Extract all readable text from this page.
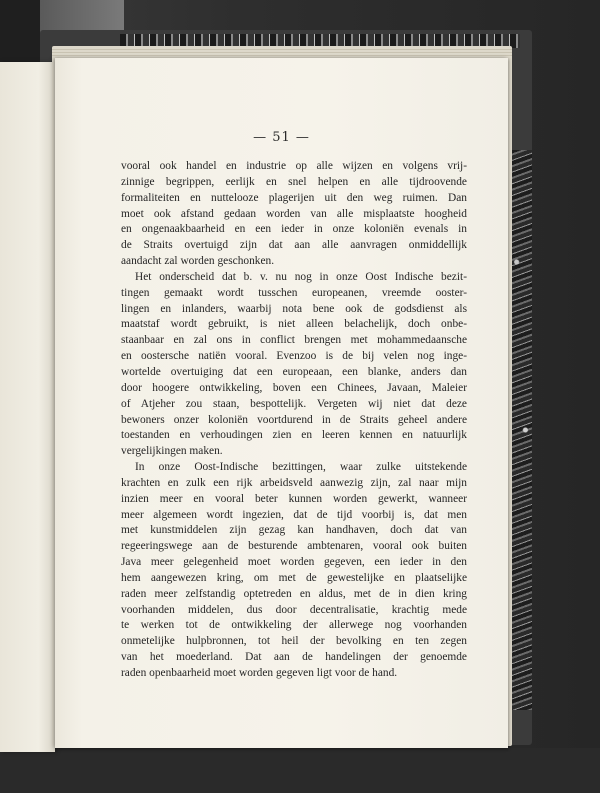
— 51 —

vooral ook handel en industrie op alle wijzen en volgens vrij-
zinnige begrippen, eerlijk en snel helpen en alle tijdroovende
formaliteiten en nuttelooze plagerijen uit den weg ruimen. Dan
moet ook afstand gedaan worden van alle misplaatste hoogheid
en ongenaakbaarheid en een ieder in onze koloniën evenals in
de Straits overtuigd zijn dat aan alle aanvragen onmiddellijk
aandacht zal worden geschonken.

Het onderscheid dat b. v. nu nog in onze Oost Indische bezit-
tingen gemaakt wordt tusschen europeanen, vreemde ooster-
lingen en inlanders, waarbij nota bene ook de godsdienst als
maatstaf wordt gebruikt, is niet alleen belachelijk, doch onbe-
staanbaar en zal ons in conflict brengen met mohammedaansche
en oostersche natiën vooral. Evenzoo is de bij velen nog inge-
wortelde overtuiging dat een europeaan, een blanke, anders dan
door hoogere ontwikkeling, boven een Chinees, Javaan, Maleier
of Atjeher zou staan, bespottelijk. Vergeten wij niet dat deze
bewoners onzer koloniën voortdurend in de Straits geheel andere
toestanden en verhoudingen zien en leeren kennen en natuurlijk
vergelijkingen maken.

In onze Oost-Indische bezittingen, waar zulke uitstekende
krachten en zulk een rijk arbeidsveld aanwezig zijn, zal naar mijn
inzien meer en vooral beter kunnen worden gewerkt, wanneer
meer algemeen wordt ingezien, dat de tijd voorbij is, dat men
met kunstmiddelen zijn gezag kan handhaven, doch dat van
regeeringswege aan de besturende ambtenaren, vooral ook buiten
Java meer gelegenheid moet worden gegeven, een ieder in den
hem aangewezen kring, om met de gewestelijke en plaatselijke
raden meer zelfstandig optetreden en aldus, met de in dien kring
voorhanden middelen, dus door decentralisatie, krachtig mede
te werken tot de ontwikkeling der allerwege nog voorhanden
onmetelijke hulpbronnen, tot heil der bevolking en ten zegen
van het moederland. Dat aan de handelingen der genoemde
raden openbaarheid moet worden gegeven ligt voor de hand.
